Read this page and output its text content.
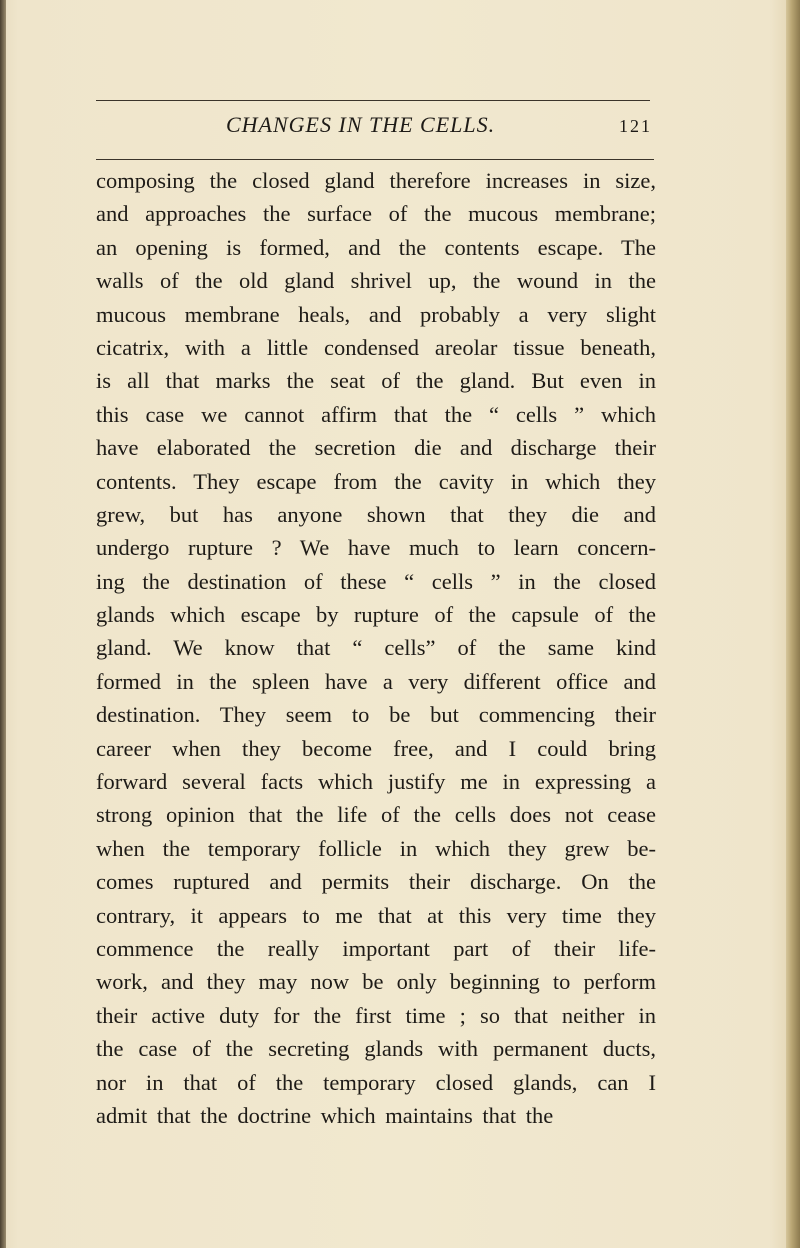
CHANGES IN THE CELLS.	121
composing the closed gland therefore increases in size,
and approaches the surface of the mucous membrane;
an opening is formed, and the contents escape. The
walls of the old gland shrivel up, the wound in the
mucous membrane heals, and probably a very slight
cicatrix, with a little condensed areolar tissue beneath,
is all that marks the seat of the gland. But even in
this case we cannot affirm that the “ cells ” which
have elaborated the secretion die and discharge their
contents. They escape from the cavity in which they
grew, but has anyone shown that they die and
undergo rupture ? We have much to learn concern-
ing the destination of these “ cells ” in the closed
glands which escape by rupture of the capsule of the
gland. We know that “ cells” of the same kind
formed in the spleen have a very different office and
destination. They seem to be but commencing their
career when they become free, and I could bring
forward several facts which justify me in expressing a
strong opinion that the life of the cells does not cease
when the temporary follicle in which they grew be-
comes ruptured and permits their discharge. On the
contrary, it appears to me that at this very time they
commence the really important part of their life-
work, and they may now be only beginning to perform
their active duty for the first time ; so that neither in
the case of the secreting glands with permanent ducts,
nor in that of the temporary closed glands, can I
admit that the doctrine which maintains that the
